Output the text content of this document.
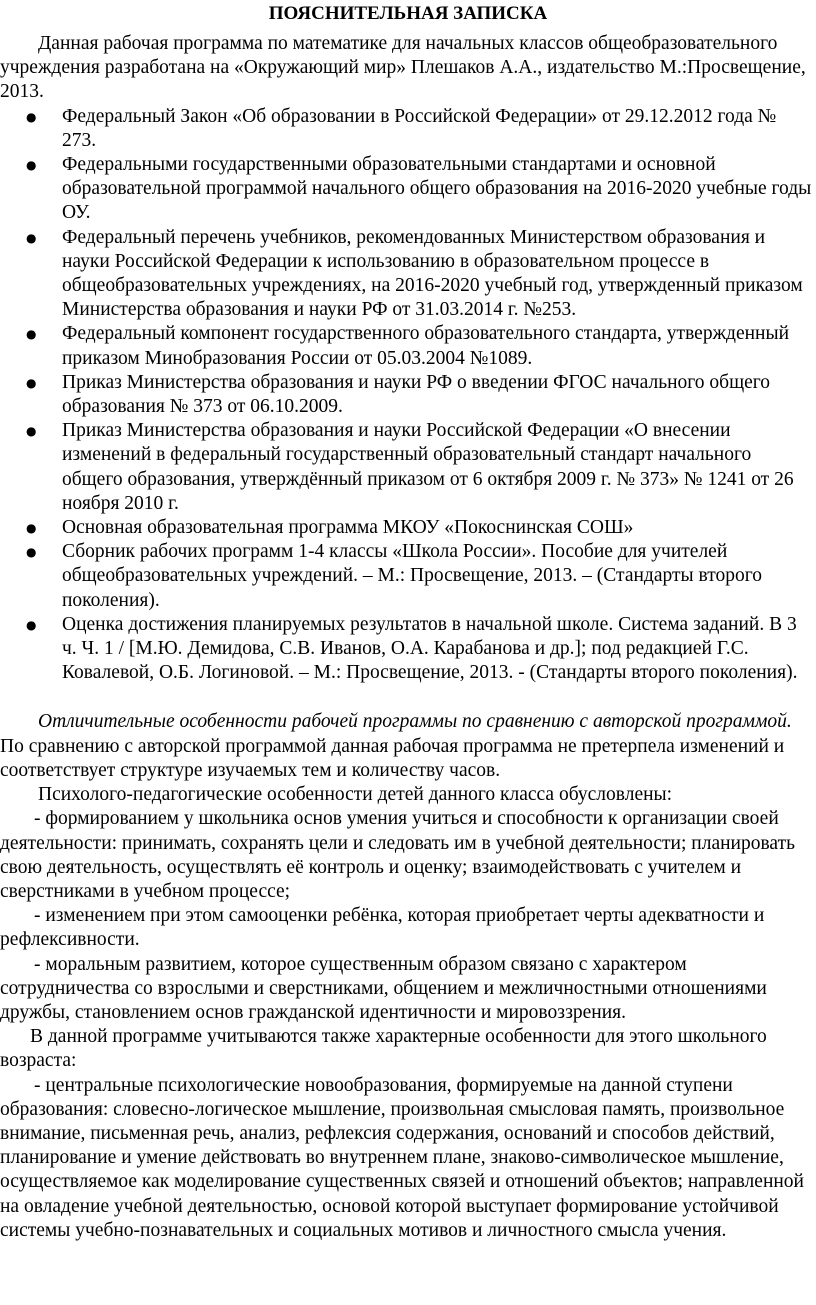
ПОЯСНИТЕЛЬНАЯ ЗАПИСКА

Данная рабочая программа по математике для начальных классов общеобразовательного учреждения разработана на «Окружающий мир» Плешаков А.А., издательство М.:Просвещение, 2013.

● Федеральный Закон «Об образовании в Российской Федерации» от 29.12.2012 года № 273.
● Федеральными государственными образовательными стандартами и основной образовательной программой начального общего образования на 2016-2020 учебные годы ОУ.
● Федеральный перечень учебников, рекомендованных Министерством образования и науки Российской Федерации к использованию в образовательном процессе в общеобразовательных учреждениях, на 2016-2020 учебный год, утвержденный приказом Министерства образования и науки РФ от 31.03.2014 г. №253.
● Федеральный компонент государственного образовательного стандарта, утвержденный приказом Минобразования России от 05.03.2004 №1089.
● Приказ Министерства образования и науки РФ о введении ФГОС начального общего образования № 373 от 06.10.2009.
● Приказ Министерства образования и науки Российской Федерации «О внесении изменений в федеральный государственный образовательный стандарт начального общего образования, утверждённый приказом от 6 октября 2009 г. № 373» № 1241 от 26 ноября 2010 г.
● Основная образовательная программа МКОУ «Покоснинская СОШ»
● Сборник рабочих программ 1-4 классы «Школа России». Пособие для учителей общеобразовательных учреждений. – М.: Просвещение, 2013. – (Стандарты второго поколения).
● Оценка достижения планируемых результатов в начальной школе. Система заданий. В 3 ч. Ч. 1 / [М.Ю. Демидова, С.В. Иванов, О.А. Карабанова и др.]; под редакцией Г.С. Ковалевой, О.Б. Логиновой. – М.: Просвещение, 2013. - (Стандарты второго поколения).

Отличительные особенности рабочей программы по сравнению с авторской программой. По сравнению с авторской программой данная рабочая программа не претерпела изменений и соответствует структуре изучаемых тем и количеству часов.

Психолого-педагогические особенности детей данного класса обусловлены:

- формированием у школьника основ умения учиться и способности к организации своей деятельности: принимать, сохранять цели и следовать им в учебной деятельности; планировать свою деятельность, осуществлять её контроль и оценку; взаимодействовать с учителем и сверстниками в учебном процессе;

- изменением при этом самооценки ребёнка, которая приобретает черты адекватности и рефлексивности.

- моральным развитием, которое существенным образом связано с характером сотрудничества со взрослыми и сверстниками, общением и межличностными отношениями дружбы, становлением основ гражданской идентичности и мировоззрения.

В данной программе учитываются также характерные особенности для этого школьного возраста:

- центральные психологические новообразования, формируемые на данной ступени образования: словесно-логическое мышление, произвольная смысловая память, произвольное внимание, письменная речь, анализ, рефлексия содержания, оснований и способов действий, планирование и умение действовать во внутреннем плане, знаково-символическое мышление, осуществляемое как моделирование существенных связей и отношений объектов; направленной на овладение учебной деятельностью, основой которой выступает формирование устойчивой системы учебно-познавательных и социальных мотивов и личностного смысла учения.
